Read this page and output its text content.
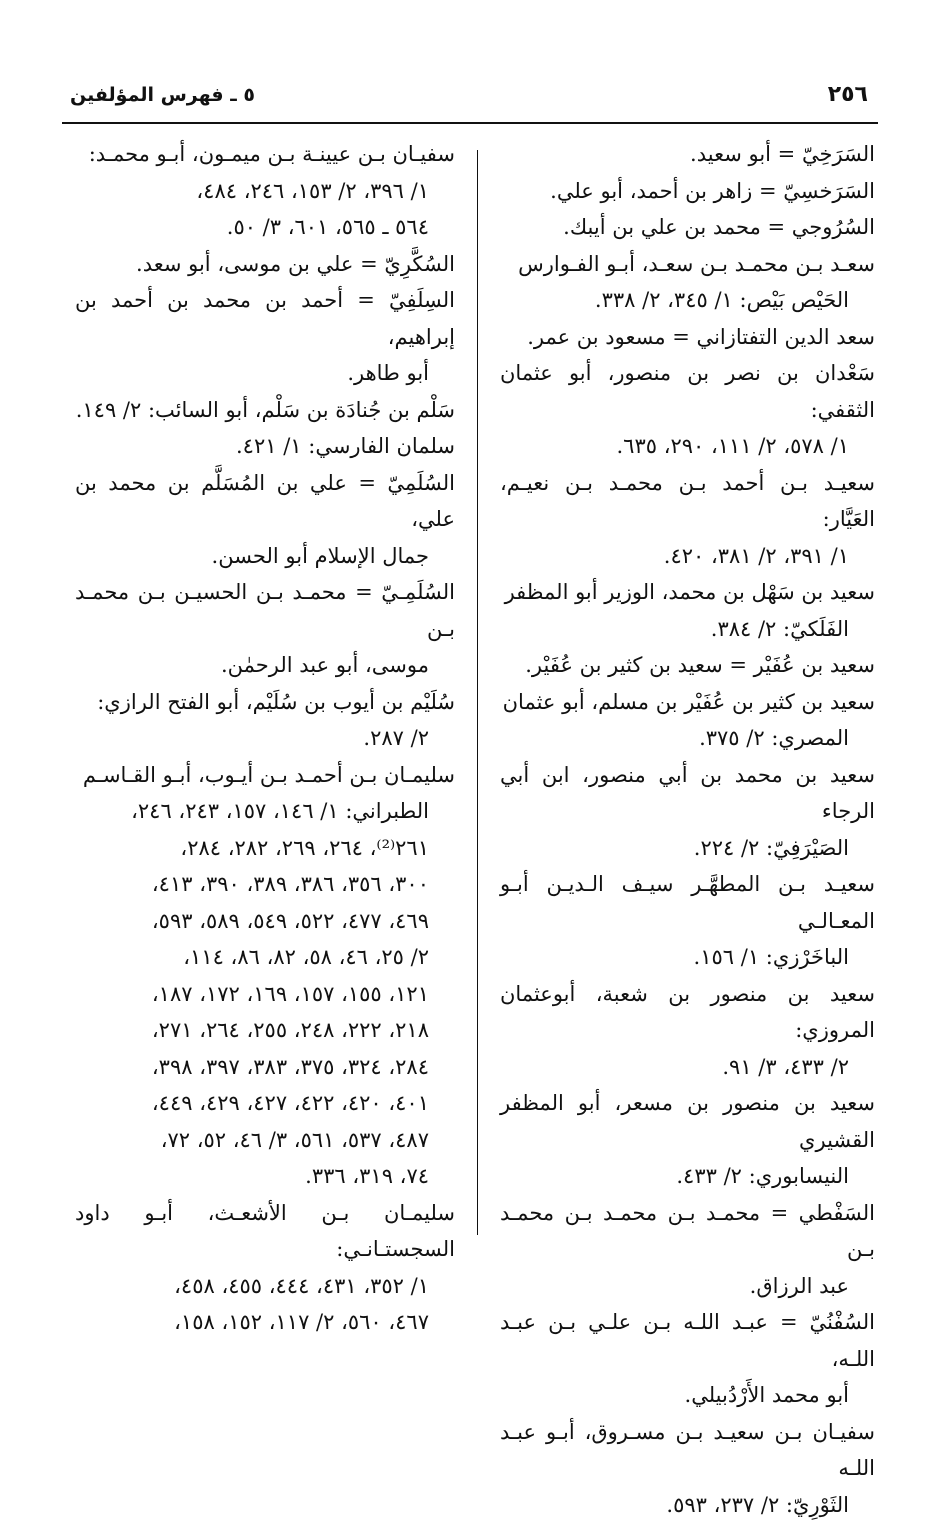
٢٥٦
٥ ـ فهرس المؤلفين

السَرَخِيّ = أبو سعيد.

السَرَخسِيّ = زاهر بن أحمد، أبو علي.

السُرُوجي = محمد بن علي بن أيبك.

سعـد بـن محمـد بـن سعـد، أبـو الفـوارس
الحَيْص بَيْص: ١/ ٣٤٥، ٢/ ٣٣٨.

سعد الدين التفتازاني = مسعود بن عمر.

سَعْدان بن نصر بن منصور، أبو عثمان الثقفي:
١/ ٥٧٨، ٢/ ١١١، ٢٩٠، ٦٣٥.

سعيـد بـن أحمد بـن محمـد بـن نعيـم، العَيَّار:
١/ ٣٩١، ٢/ ٣٨١، ٤٢٠.

سعيد بن سَهْل بن محمد، الوزير أبو المظفر
الفَلَكيّ: ٢/ ٣٨٤.

سعيد بن عُفَيْر = سعيد بن كثير بن عُفَيْر.

سعيد بن كثير بن عُفَيْر بن مسلم، أبو عثمان
المصري: ٢/ ٣٧٥.

سعيد بن محمد بن أبي منصور، ابن أبي الرجاء
الصَيْرَفِيّ: ٢/ ٢٢٤.

سعيـد بـن المطهَّـر سيـف الـديـن أبـو المعـالـي
الباخَرْزي: ١/ ١٥٦.

سعيد بن منصور بن شعبة، أبوعثمان المروزي:
٢/ ٤٣٣، ٣/ ٩١.

سعيد بن منصور بن مسعر، أبو المظفر القشيري
النيسابوري: ٢/ ٤٣٣.

السَفْطي = محمـد بـن محمـد بـن محمـد بـن
عبد الرزاق.

السُفْنُيّ = عبـد اللـه بـن علـي بـن عبـد اللـه،
أبو محمد الأَرْدُبيلي.

سفيـان بـن سعيـد بـن مسـروق، أبـو عبـد اللـه
الثَوْرِيّ: ٢/ ٢٣٧، ٥٩٣.

سفيـان بـن عيينـة بـن ميمـون، أبـو محمـد:
١/ ٣٩٦، ٢/ ١٥٣، ٢٤٦، ٤٨٤،
٥٦٤ ـ ٥٦٥، ٦٠١، ٣/ ٥٠.

السُكَّرِيّ = علي بن موسى، أبو سعد.

السِلَفِيّ = أحمد بن محمد بن أحمد بن إبراهيم،
أبو طاهر.

سَلْم بن جُنادَة بن سَلْم، أبو السائب: ٢/ ١٤٩.

سلمان الفارسي: ١/ ٤٢١.

السُلَمِيّ = علي بن المُسَلَّم بن محمد بن علي،
جمال الإسلام أبو الحسن.

السُلَمِـيّ = محمـد بـن الحسيـن بـن محمـد بـن
موسى، أبو عبد الرحمٰن.

سُلَيْم بن أيوب بن سُلَيْم، أبو الفتح الرازي:
٢/ ٢٨٧.

سليمـان بـن أحمـد بـن أيـوب، أبـو القـاسـم
الطبراني: ١/ ١٤٦، ١٥٧، ٢٤٣، ٢٤٦،
٢٦١⁽²⁾، ٢٦٤، ٢٦٩، ٢٨٢، ٢٨٤،
٣٠٠، ٣٥٦، ٣٨٦، ٣٨٩، ٣٩٠، ٤١٣،
٤٦٩، ٤٧٧، ٥٢٢، ٥٤٩، ٥٨٩، ٥٩٣،
٢/ ٢٥، ٤٦، ٥٨، ٨٢، ٨٦، ١١٤،
١٢١، ١٥٥، ١٥٧، ١٦٩، ١٧٢، ١٨٧،
٢١٨، ٢٢٢، ٢٤٨، ٢٥٥، ٢٦٤، ٢٧١،
٢٨٤، ٣٢٤، ٣٧٥، ٣٨٣، ٣٩٧، ٣٩٨،
٤٠١، ٤٢٠، ٤٢٢، ٤٢٧، ٤٢٩، ٤٤٩،
٤٨٧، ٥٣٧، ٥٦١، ٣/ ٤٦، ٥٢، ٧٢،
٧٤، ٣١٩، ٣٣٦.

سليمـان بـن الأشعـث، أبـو داود السجستـانـي:
١/ ٣٥٢، ٤٣١، ٤٤٤، ٤٥٥، ٤٥٨،
٤٦٧، ٥٦٠، ٢/ ١١٧، ١٥٢، ١٥٨،
